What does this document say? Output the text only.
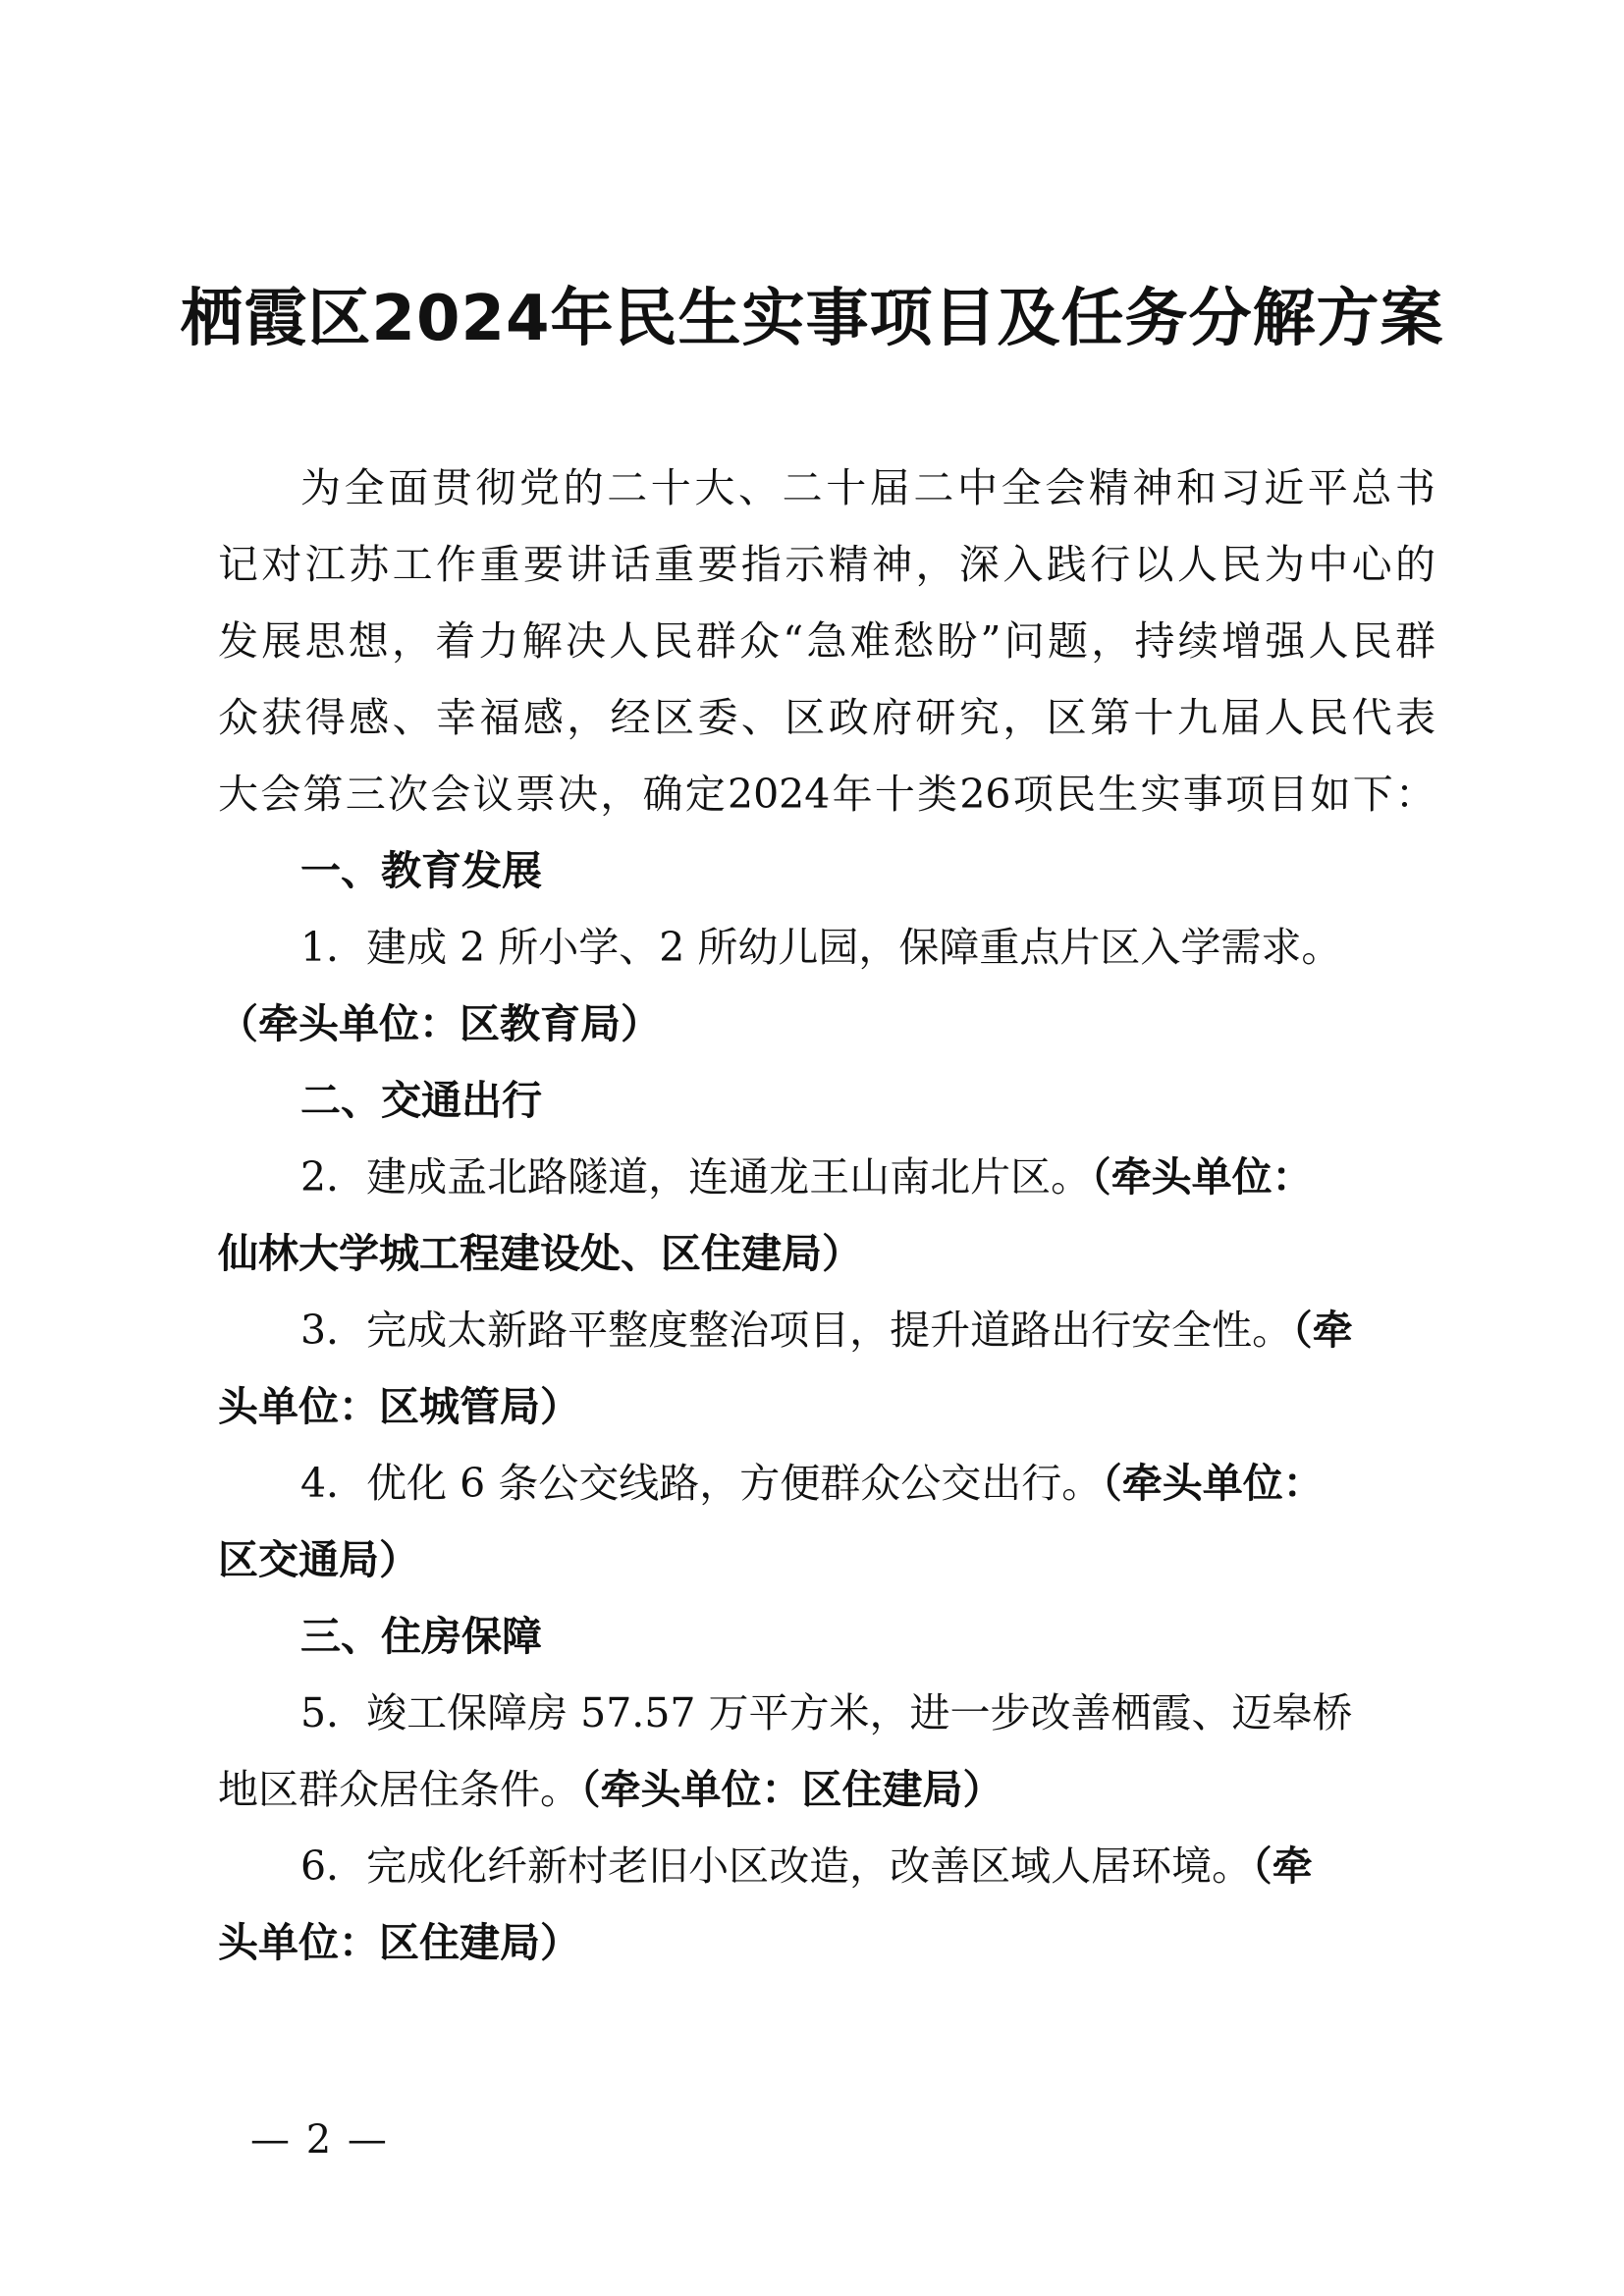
栖霞区2024年民生实事项目及任务分解方案
为全面贯彻党的二十大、二十届二中全会精神和习近平总书
记对江苏工作重要讲话重要指示精神，深入践行以人民为中心的
发展思想，着力解决人民群众“急难愁盼”问题，持续增强人民群
众获得感、幸福感，经区委、区政府研究，区第十九届人民代表
大会第三次会议票决，确定2024年十类26项民生实事项目如下：
一、教育发展
1．建成 2 所小学、2 所幼儿园，保障重点片区入学需求。
（牵头单位：区教育局）
二、交通出行
2．建成孟北路隧道，连通龙王山南北片区。（牵头单位：
仙林大学城工程建设处、区住建局）
3．完成太新路平整度整治项目，提升道路出行安全性。（牵
头单位：区城管局）
4．优化 6 条公交线路，方便群众公交出行。（牵头单位：
区交通局）
三、住房保障
5．竣工保障房 57.57 万平方米，进一步改善栖霞、迈皋桥
地区群众居住条件。（牵头单位：区住建局）
6．完成化纤新村老旧小区改造，改善区域人居环境。（牵
头单位：区住建局）
— 2 —
